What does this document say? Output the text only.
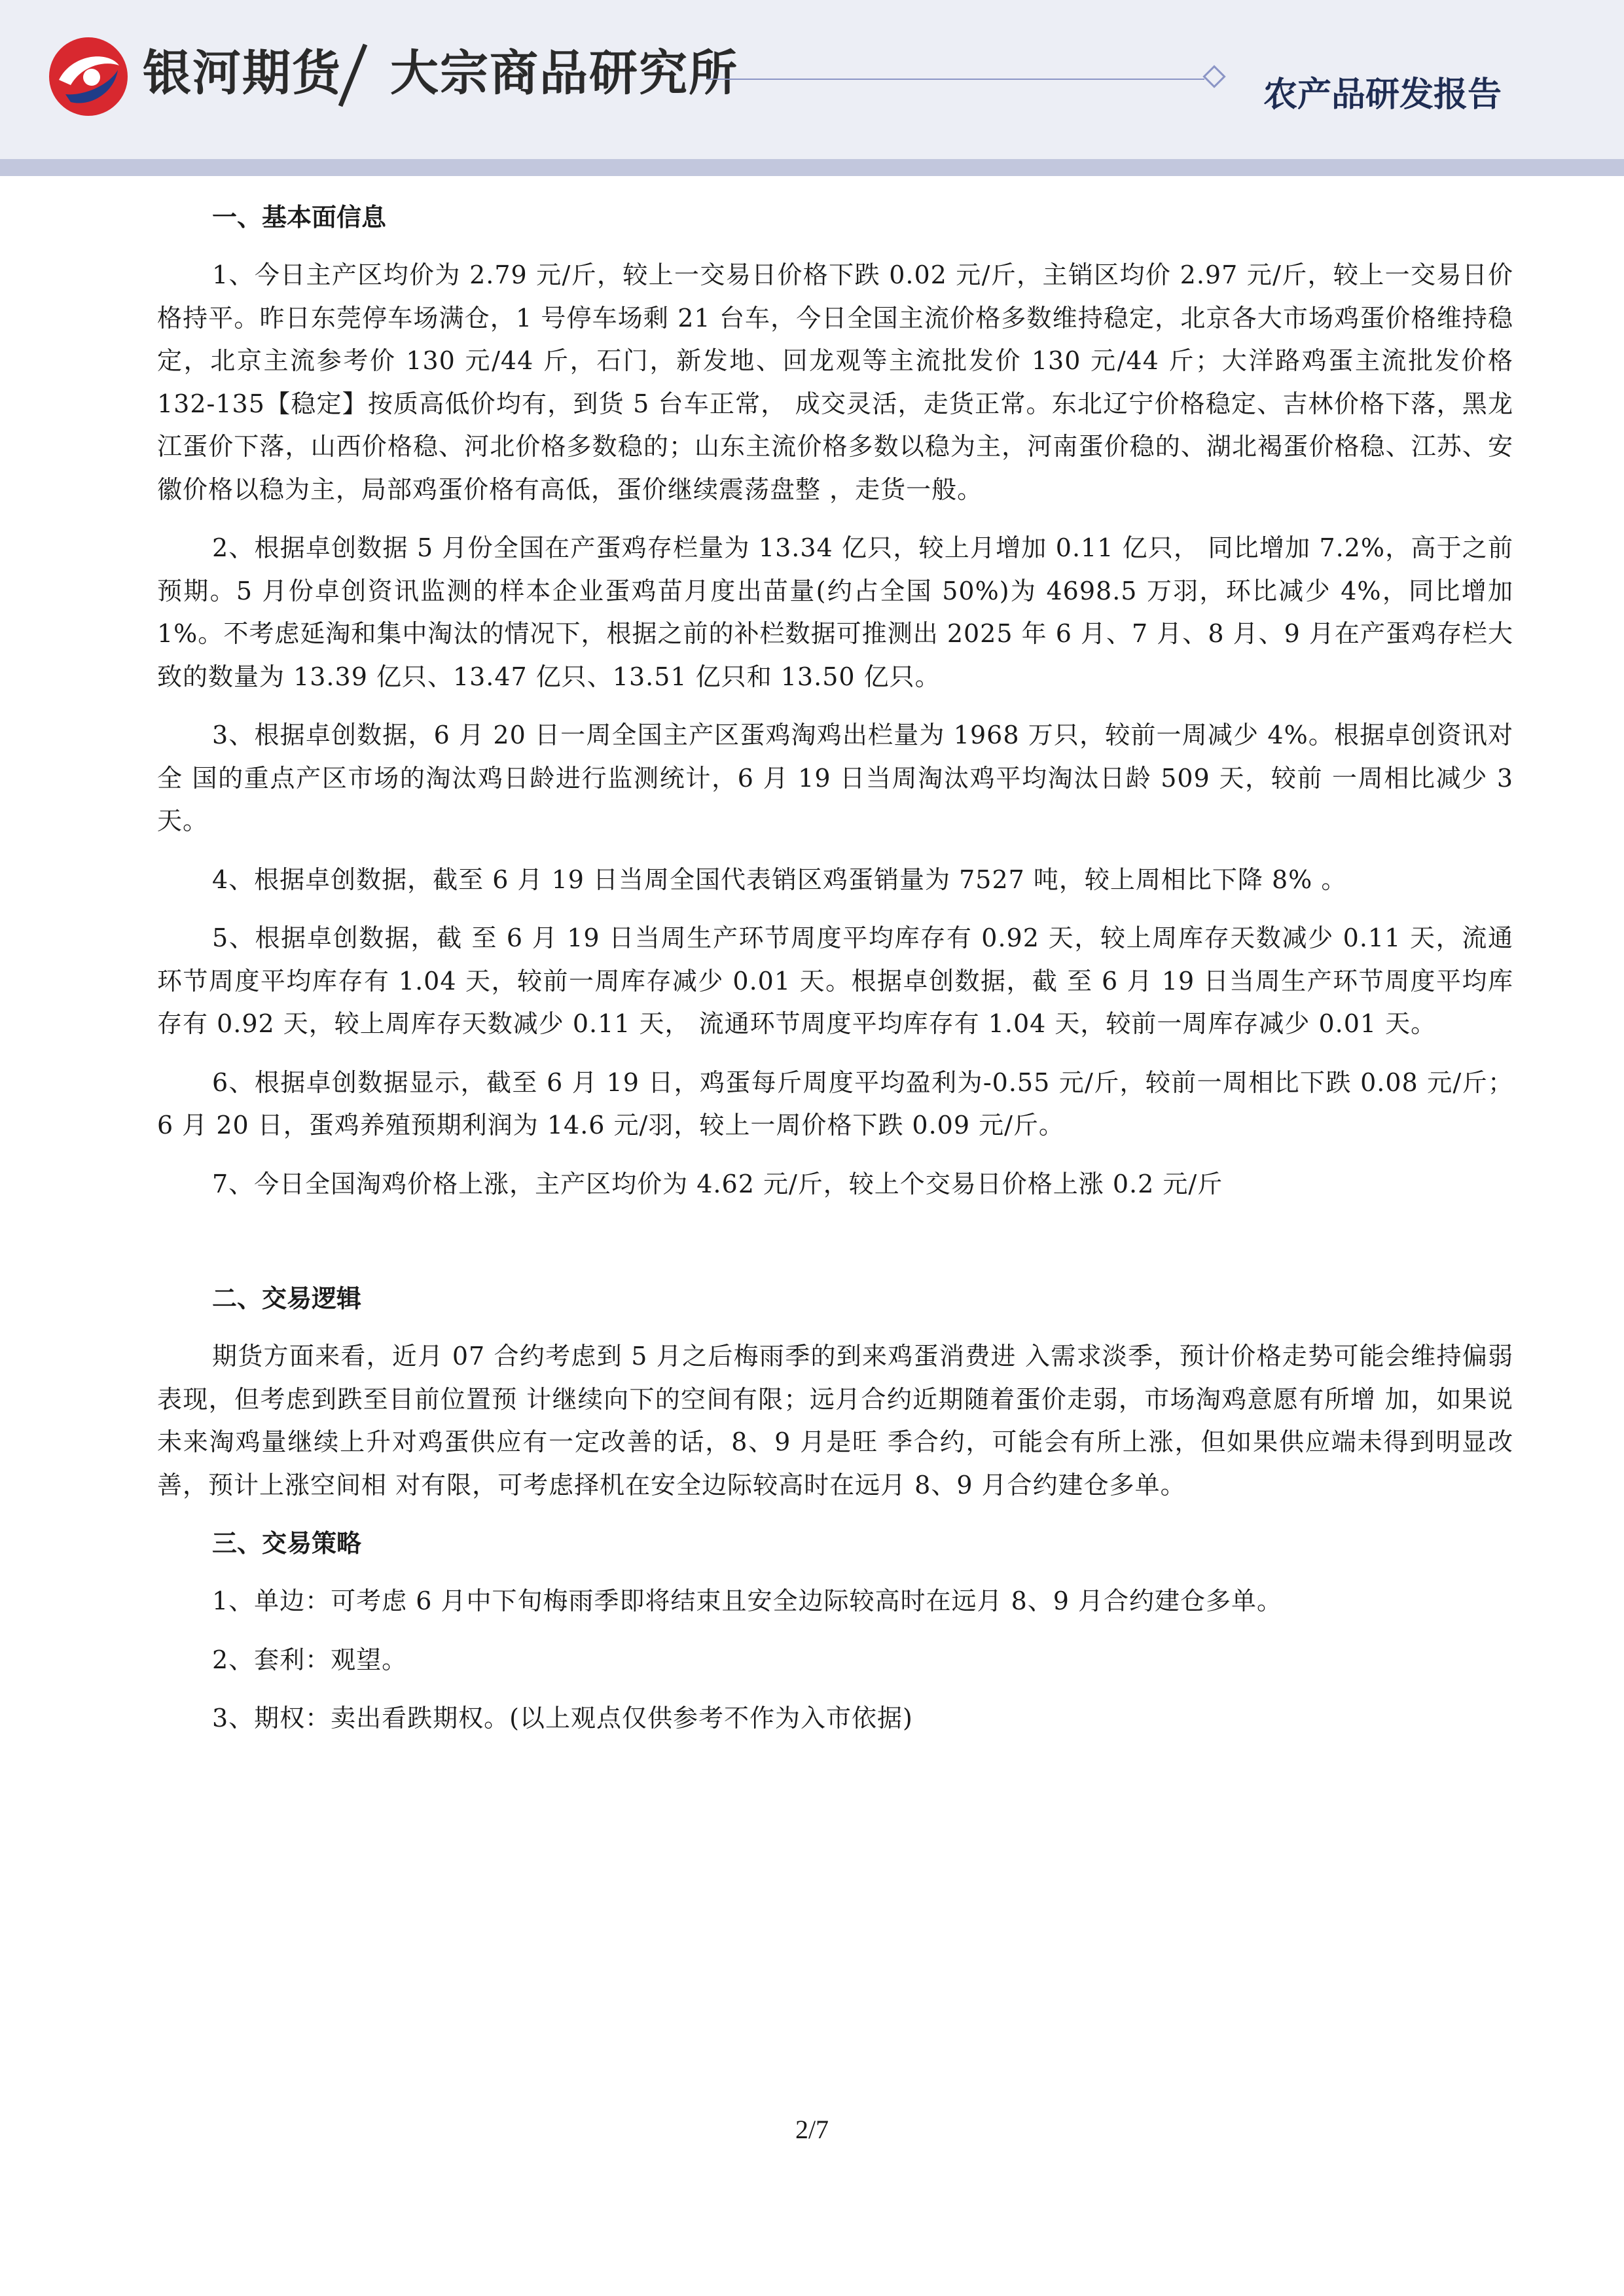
银河期货 大宗商品研究所	农产品研发报告
一、基本面信息

1、今日主产区均价为 2.79 元/斤，较上一交易日价格下跌 0.02 元/斤，主销区均价 2.97 元/斤，较上一交易日价格持平。昨日东莞停车场满仓，1 号停车场剩 21 台车，今日全国主流价格多数维持稳定，北京各大市场鸡蛋价格维持稳定，北京主流参考价 130 元/44 斤，石门，新发地、回龙观等主流批发价 130 元/44 斤；大洋路鸡蛋主流批发价格 132-135【稳定】按质高低价均有，到货 5 台车正常， 成交灵活，走货正常。东北辽宁价格稳定、吉林价格下落，黑龙江蛋价下落，山西价格稳、河北价格多数稳的；山东主流价格多数以稳为主，河南蛋价稳的、湖北褐蛋价格稳、江苏、安徽价格以稳为主，局部鸡蛋价格有高低，蛋价继续震荡盘整 ，走货一般。

2、根据卓创数据 5 月份全国在产蛋鸡存栏量为 13.34 亿只，较上月增加 0.11 亿只， 同比增加 7.2%，高于之前预期。5 月份卓创资讯监测的样本企业蛋鸡苗月度出苗量(约占全国 50%)为 4698.5 万羽，环比减少 4%，同比增加 1%。不考虑延淘和集中淘汰的情况下，根据之前的补栏数据可推测出 2025 年 6 月、7 月、8 月、9 月在产蛋鸡存栏大致的数量为 13.39 亿只、13.47 亿只、13.51 亿只和 13.50 亿只。

3、根据卓创数据，6 月 20 日一周全国主产区蛋鸡淘鸡出栏量为 1968 万只，较前一周减少 4%。根据卓创资讯对全 国的重点产区市场的淘汰鸡日龄进行监测统计，6 月 19 日当周淘汰鸡平均淘汰日龄 509 天，较前 一周相比减少 3 天。

4、根据卓创数据，截至 6 月 19 日当周全国代表销区鸡蛋销量为 7527 吨，较上周相比下降 8% 。

5、根据卓创数据，截 至 6 月 19 日当周生产环节周度平均库存有 0.92 天，较上周库存天数减少 0.11 天，流通环节周度平均库存有 1.04 天，较前一周库存减少 0.01 天。根据卓创数据，截 至 6 月 19 日当周生产环节周度平均库存有 0.92 天，较上周库存天数减少 0.11 天， 流通环节周度平均库存有 1.04 天，较前一周库存减少 0.01 天。

6、根据卓创数据显示，截至 6 月 19 日，鸡蛋每斤周度平均盈利为-0.55 元/斤，较前一周相比下跌 0.08 元/斤； 6 月 20 日，蛋鸡养殖预期利润为 14.6 元/羽，较上一周价格下跌 0.09 元/斤。

7、今日全国淘鸡价格上涨，主产区均价为 4.62 元/斤，较上个交易日价格上涨 0.2 元/斤

二、交易逻辑

期货方面来看，近月 07 合约考虑到 5 月之后梅雨季的到来鸡蛋消费进 入需求淡季，预计价格走势可能会维持偏弱表现，但考虑到跌至目前位置预 计继续向下的空间有限；远月合约近期随着蛋价走弱，市场淘鸡意愿有所增 加，如果说未来淘鸡量继续上升对鸡蛋供应有一定改善的话，8、9 月是旺 季合约，可能会有所上涨，但如果供应端未得到明显改善，预计上涨空间相 对有限，可考虑择机在安全边际较高时在远月 8、9 月合约建仓多单。

三、交易策略

1、单边：可考虑 6 月中下旬梅雨季即将结束且安全边际较高时在远月 8、9 月合约建仓多单。

2、套利：观望。

3、期权：卖出看跌期权。(以上观点仅供参考不作为入市依据)

2/7
